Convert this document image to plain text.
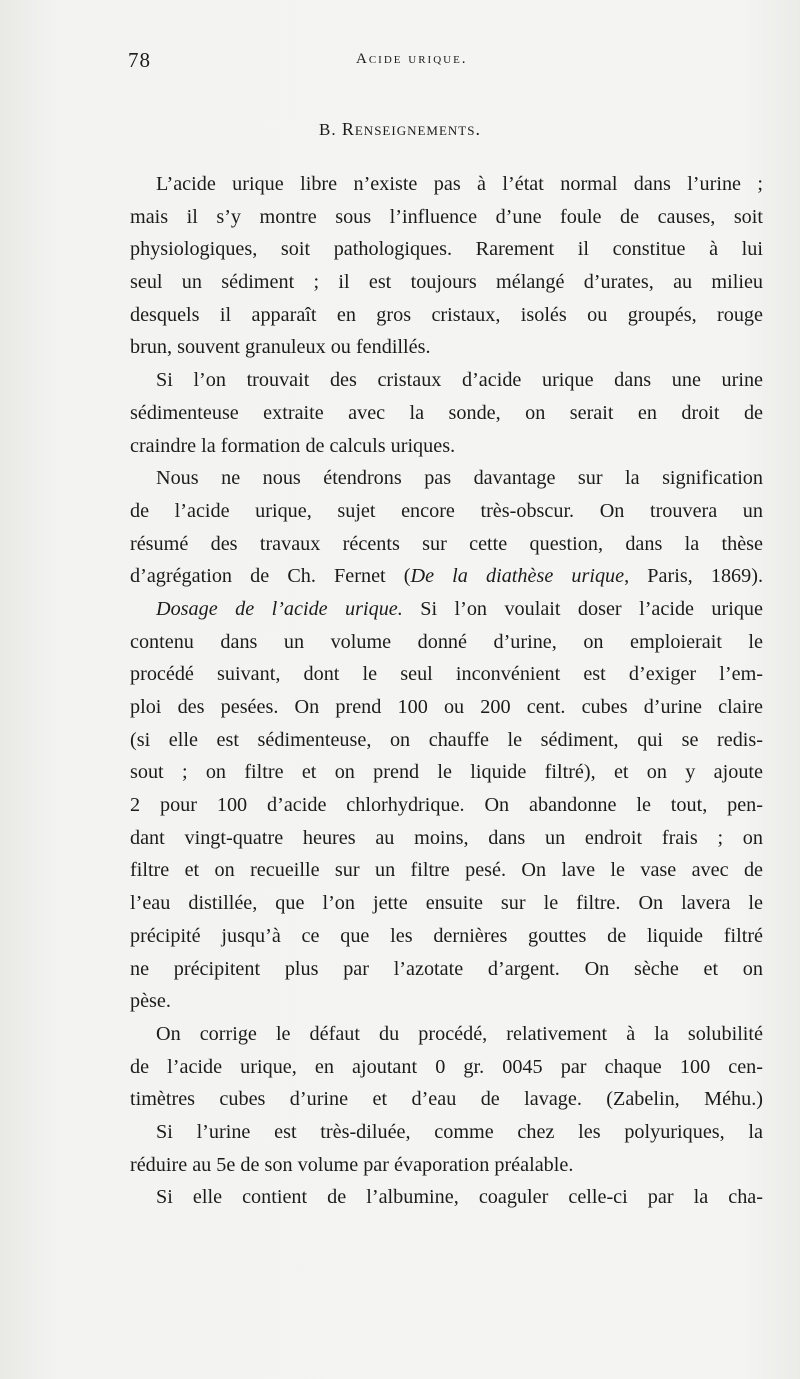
78	Acide urique.
B. Renseignements.
L’acide urique libre n’existe pas à l’état normal dans l’urine ;
mais il s’y montre sous l’influence d’une foule de causes, soit
physiologiques, soit pathologiques. Rarement il constitue à lui
seul un sédiment ; il est toujours mélangé d’urates, au milieu
desquels il apparaît en gros cristaux, isolés ou groupés, rouge
brun, souvent granuleux ou fendillés.
Si l’on trouvait des cristaux d’acide urique dans une urine
sédimenteuse extraite avec la sonde, on serait en droit de
craindre la formation de calculs uriques.
Nous ne nous étendrons pas davantage sur la signification
de l’acide urique, sujet encore très-obscur. On trouvera un
résumé des travaux récents sur cette question, dans la thèse
d’agrégation de Ch. Fernet (De la diathèse urique, Paris, 1869).
Dosage de l’acide urique. Si l’on voulait doser l’acide urique
contenu dans un volume donné d’urine, on emploierait le
procédé suivant, dont le seul inconvénient est d’exiger l’em-
ploi des pesées. On prend 100 ou 200 cent. cubes d’urine claire
(si elle est sédimenteuse, on chauffe le sédiment, qui se redis-
sout ; on filtre et on prend le liquide filtré), et on y ajoute
2 pour 100 d’acide chlorhydrique. On abandonne le tout, pen-
dant vingt-quatre heures au moins, dans un endroit frais ; on
filtre et on recueille sur un filtre pesé. On lave le vase avec de
l’eau distillée, que l’on jette ensuite sur le filtre. On lavera le
précipité jusqu’à ce que les dernières gouttes de liquide filtré
ne précipitent plus par l’azotate d’argent. On sèche et on
pèse.
On corrige le défaut du procédé, relativement à la solubilité
de l’acide urique, en ajoutant 0 gr. 0045 par chaque 100 cen-
timètres cubes d’urine et d’eau de lavage. (Zabelin, Méhu.)
Si l’urine est très-diluée, comme chez les polyuriques, la
réduire au 5e de son volume par évaporation préalable.
Si elle contient de l’albumine, coaguler celle-ci par la cha-
